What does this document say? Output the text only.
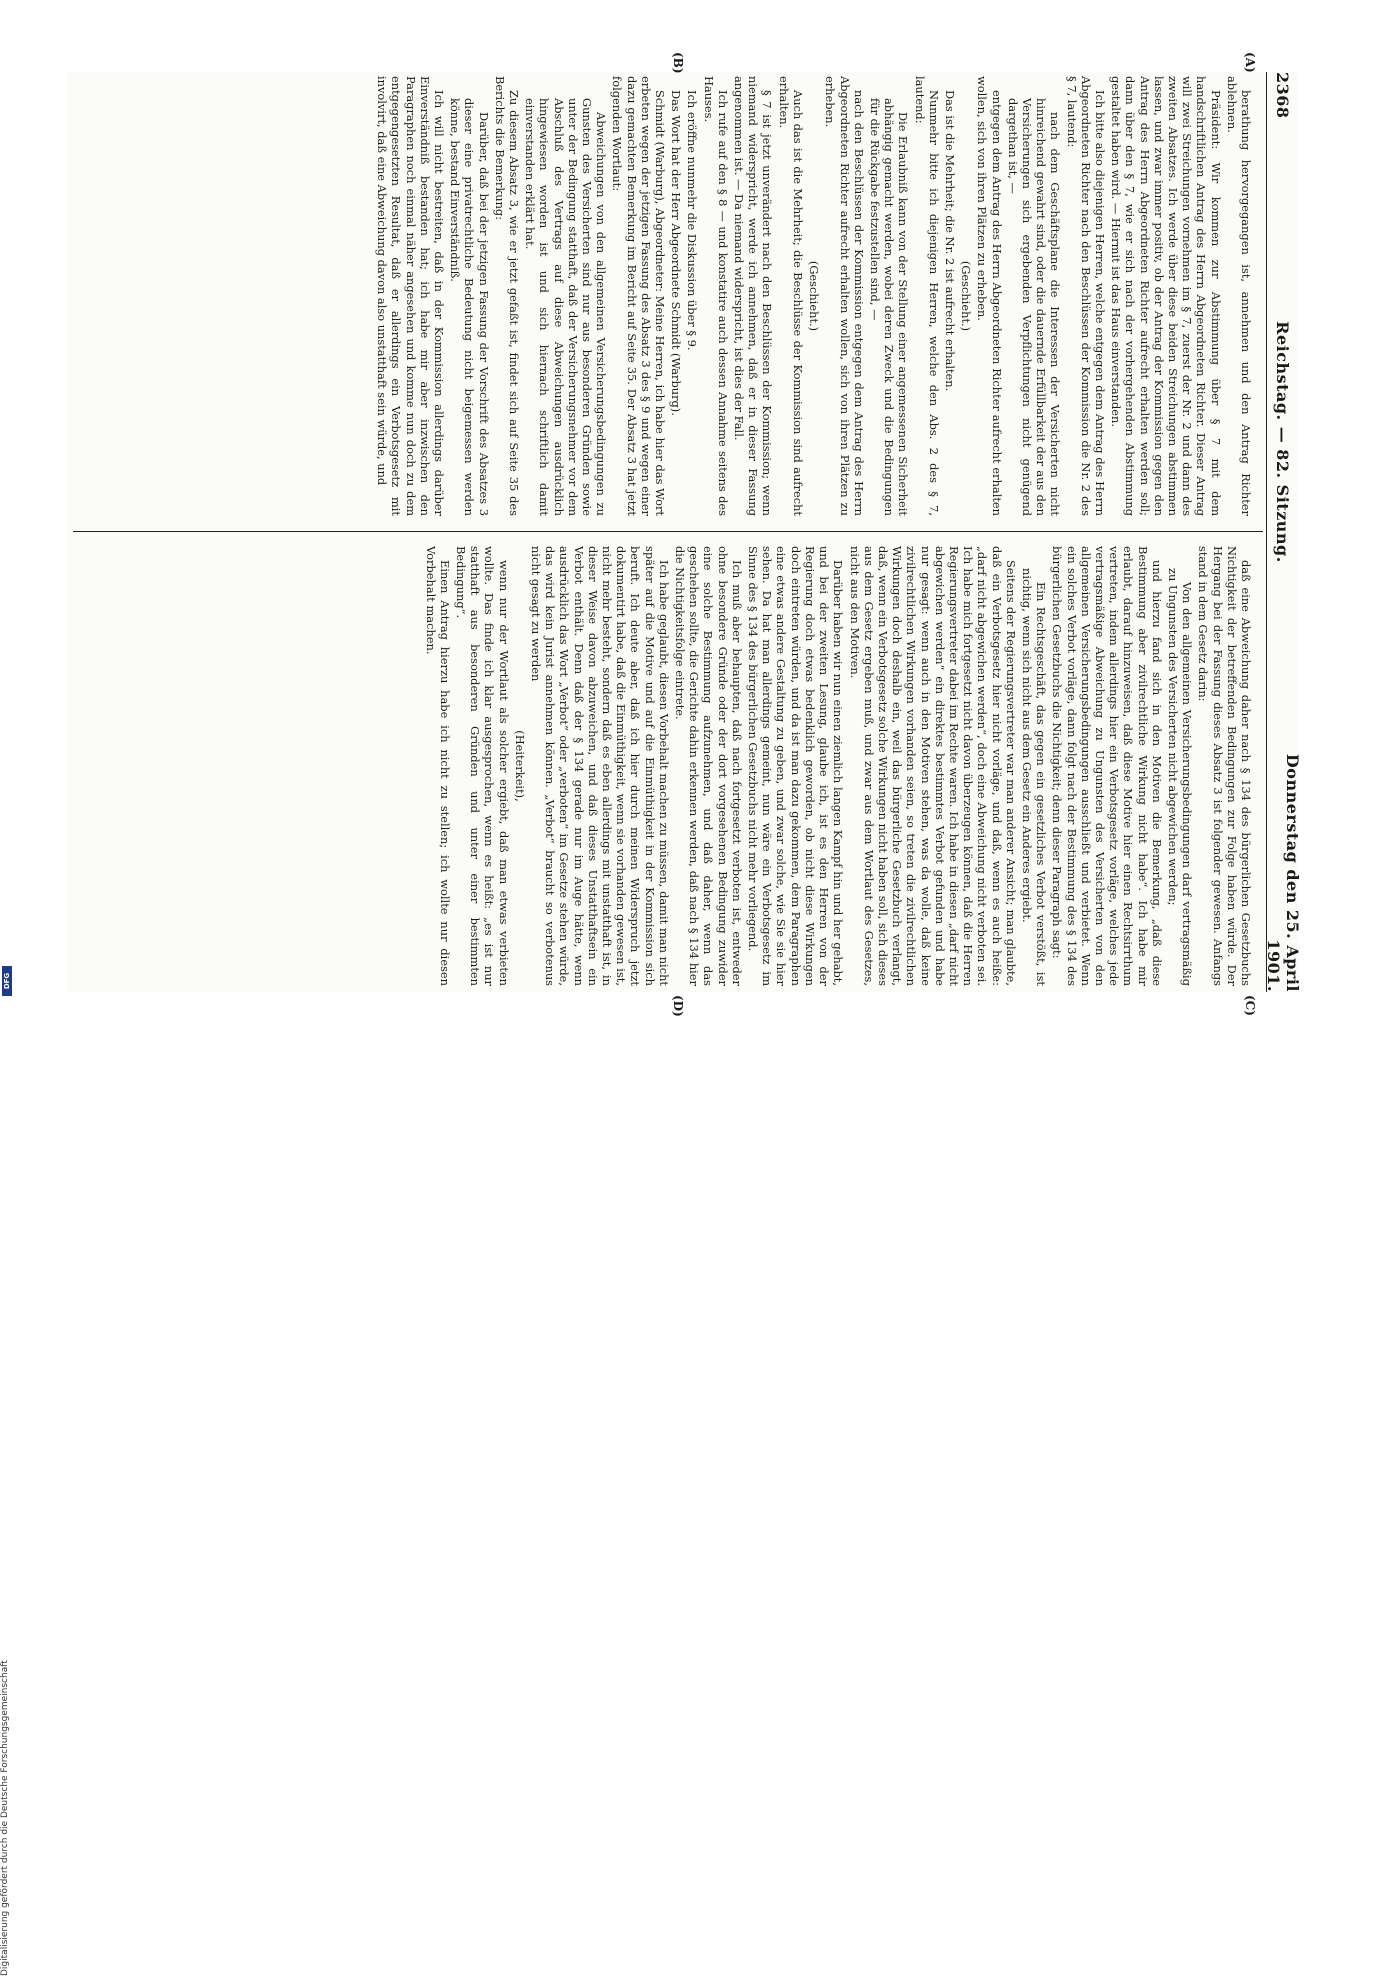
2368
Reichstag. — 82. Sitzung.
Donnerstag den 25. April 1901.
(A)
(B)
(C)
(D)

berathung hervorgegangen ist, annehmen und den Antrag Richter ablehnen.

Präsident: Wir kommen zur Abstimmung über § 7 mit dem handschriftlichen Antrag des Herrn Abgeordneten Richter. Dieser Antrag will zwei Streichungen vornehmen im § 7, zuerst der Nr. 2 und dann des zweiten Absatzes. Ich werde über diese beiden Streichungen abstimmen lassen, und zwar immer positiv, ob der Antrag der Kommission gegen den Antrag des Herrn Abgeordneten Richter aufrecht erhalten werden soll; dann über den § 7, wie er sich nach der vorhergehenden Abstimmung gestaltet haben wird. — Hiermit ist das Haus einverstanden.

Ich bitte also diejenigen Herren, welche entgegen dem Antrag des Herrn Abgeordneten Richter nach den Beschlüssen der Kommission die Nr. 2 des § 7, lautend:

nach dem Geschäftsplane die Interessen der Versicherten nicht hinreichend gewahrt sind, oder die dauernde Erfüllbarkeit der aus den Versicherungen sich ergebenden Verpflichtungen nicht genügend dargethan ist, —

entgegen dem Antrag des Herrn Abgeordneten Richter aufrecht erhalten wollen, sich von ihren Plätzen zu erheben.

(Geschieht.)

Das ist die Mehrheit; die Nr. 2 ist aufrecht erhalten.

Nunmehr bitte ich diejenigen Herren, welche den Abs. 2 des § 7, lautend:

Die Erlaubniß kann von der Stellung einer angemessenen Sicherheit abhängig gemacht werden, wobei deren Zweck und die Bedingungen für die Rückgabe festzustellen sind, —

nach den Beschlüssen der Kommission entgegen dem Antrag des Herrn Abgeordneten Richter aufrecht erhalten wollen, sich von ihren Plätzen zu erheben.

(Geschieht.)

Auch das ist die Mehrheit; die Beschlüsse der Kommission sind aufrecht erhalten.

§ 7 ist jetzt unverändert nach den Beschlüssen der Kommission; wenn niemand widerspricht, werde ich annehmen, daß er in dieser Fassung angenommen ist. — Da niemand widerspricht, ist dies der Fall.

Ich rufe auf den § 8 — und konstatire auch dessen Annahme seitens des Hauses.

Ich eröffne nunmehr die Diskussion über § 9.

Das Wort hat der Herr Abgeordnete Schmidt (Warburg).

Schmidt (Warburg), Abgeordneter: Meine Herren, ich habe hier das Wort erbeten wegen der jetzigen Fassung des Absatz 3 des § 9 und wegen einer dazu gemachten Bemerkung im Bericht auf Seite 35. Der Absatz 3 hat jetzt folgenden Wortlaut:

Abweichungen von den allgemeinen Versicherungsbedingungen zu Gunsten des Versicherten sind nur aus besonderen Gründen sowie unter der Bedingung statthaft, daß der Versicherungsnehmer vor dem Abschluß des Vertrags auf diese Abweichungen ausdrücklich hingewiesen worden ist und sich hiernach schriftlich damit einverstanden erklärt hat.

Zu diesem Absatz 3, wie er jetzt gefaßt ist, findet sich auf Seite 35 des Berichts die Bemerkung:

Darüber, daß bei der jetzigen Fassung der Vorschrift des Absatzes 3 dieser eine privatrechtliche Bedeutung nicht beigemessen werden könne, bestand Einverständniß.

Ich will nicht bestreiten, daß in der Kommission allerdings darüber Einverständniß bestanden hat; ich habe mir aber inzwischen den Paragraphen noch einmal näher angesehen und komme nun doch zu dem entgegengesetzten Resultat, daß er allerdings ein Verbotsgesetz mit involvirt, daß eine Abweichung davon also unstatthaft sein würde, und

daß eine Abweichung daher nach § 134 des bürgerlichen Gesetzbuchs Nichtigkeit der betreffenden Bedingungen zur Folge haben würde. Der Hergang bei der Fassung dieses Absatz 3 ist folgender gewesen. Anfangs stand in dem Gesetz darin:

Von den allgemeinen Versicherungsbedingungen darf vertragsmäßig zu Ungunsten des Versicherten nicht abgewichen werden;

und hierzu fand sich in den Motiven die Bemerkung, „daß diese Bestimmung aber zivilrechtliche Wirkung nicht habe“. Ich habe mir erlaubt, darauf hinzuweisen, daß diese Motive hier einen Rechtsirrthum vertreten, indem allerdings hier ein Verbotsgesetz vorläge, welches jede vertragsmäßige Abweichung zu Ungunsten des Versicherten von den allgemeinen Versicherungsbedingungen ausschließt und verbietet. Wenn ein solches Verbot vorläge, dann folgt nach der Bestimmung des § 134 des bürgerlichen Gesetzbuchs die Nichtigkeit; denn dieser Paragraph sagt:

Ein Rechtsgeschäft, das gegen ein gesetzliches Verbot verstößt, ist nichtig, wenn sich nicht aus dem Gesetz ein Anderes ergiebt.

Seitens der Regierungsvertreter war man anderer Ansicht; man glaubte, daß ein Verbotsgesetz hier nicht vorläge, und daß, wenn es auch heiße: „darf nicht abgewichen werden“, doch eine Abweichung nicht verboten sei. Ich habe mich fortgesetzt nicht davon überzeugen können, daß die Herren Regierungsvertreter dabei im Rechte waren. Ich habe in diesen „darf nicht abgewichen werden“ ein direktes bestimmtes Verbot gefunden und habe nur gesagt: wenn auch in den Motiven stehen, was da wolle, daß keine zivilrechtlichen Wirkungen vorhanden seien, so treten die zivilrechtlichen Wirkungen doch deshalb ein, weil das bürgerliche Gesetzbuch verlangt, daß, wenn ein Verbotsgesetz solche Wirkungen nicht haben soll, sich dieses aus dem Gesetz ergeben muß, und zwar aus dem Wortlaut des Gesetzes, nicht aus den Motiven.

Darüber haben wir nun einen ziemlich langen Kampf hin und her gehabt, und bei der zweiten Lesung, glaube ich, ist es den Herren von der Regierung doch etwas bedenklich geworden, ob nicht diese Wirkungen doch eintreten würden, und da ist man dazu gekommen, dem Paragraphen eine etwas andere Gestaltung zu geben, und zwar solche, wie Sie sie hier sehen. Da hat man allerdings gemeint, nun wäre ein Verbotsgesetz im Sinne des § 134 des bürgerlichen Gesetzbuchs nicht mehr vorliegend.

Ich muß aber behaupten, daß nach fortgesetzt verboten ist, entweder ohne besondere Gründe oder der dort vorgesehenen Bedingung zuwider eine solche Bestimmung aufzunehmen, und daß daher, wenn das geschehen sollte, die Gerichte dahin erkennen werden, daß nach § 134 hier die Nichtigkeitsfolge eintrete.

Ich habe geglaubt, diesen Vorbehalt machen zu müssen, damit man nicht später auf die Motive und auf die Einmüthigkeit in der Kommission sich beruft. Ich deute aber, daß ich hier durch meinen Widerspruch jetzt dokumentirt habe, daß die Einmüthigkeit, wenn sie vorhanden gewesen ist, nicht mehr besteht, sondern daß es eben allerdings mit unstatthaft ist, in dieser Weise davon abzuweichen, und daß dieses Unstatthaftsein ein Verbot enthält. Denn daß der § 134 gerade nur im Auge hätte, wenn ausdrücklich das Wort „Verbot“ oder „verboten“ im Gesetze stehen würde, das wird kein Jurist annehmen können. „Verbot“ braucht so verbotenus nicht gesagt zu werden

(Heiterkeit),

wenn nur der Wortlaut als solcher ergiebt, daß man etwas verbieten wollte. Das finde ich klar ausgesprochen, wenn es heißt: „es ist nur statthaft aus besonderen Gründen und unter einer bestimmten Bedingung“.

Einen Antrag hierzu habe ich nicht zu stellen; ich wollte nur diesen Vorbehalt machen.

Digitalisierung gefördert durch die Deutsche Forschungsgemeinschaft
DFG
